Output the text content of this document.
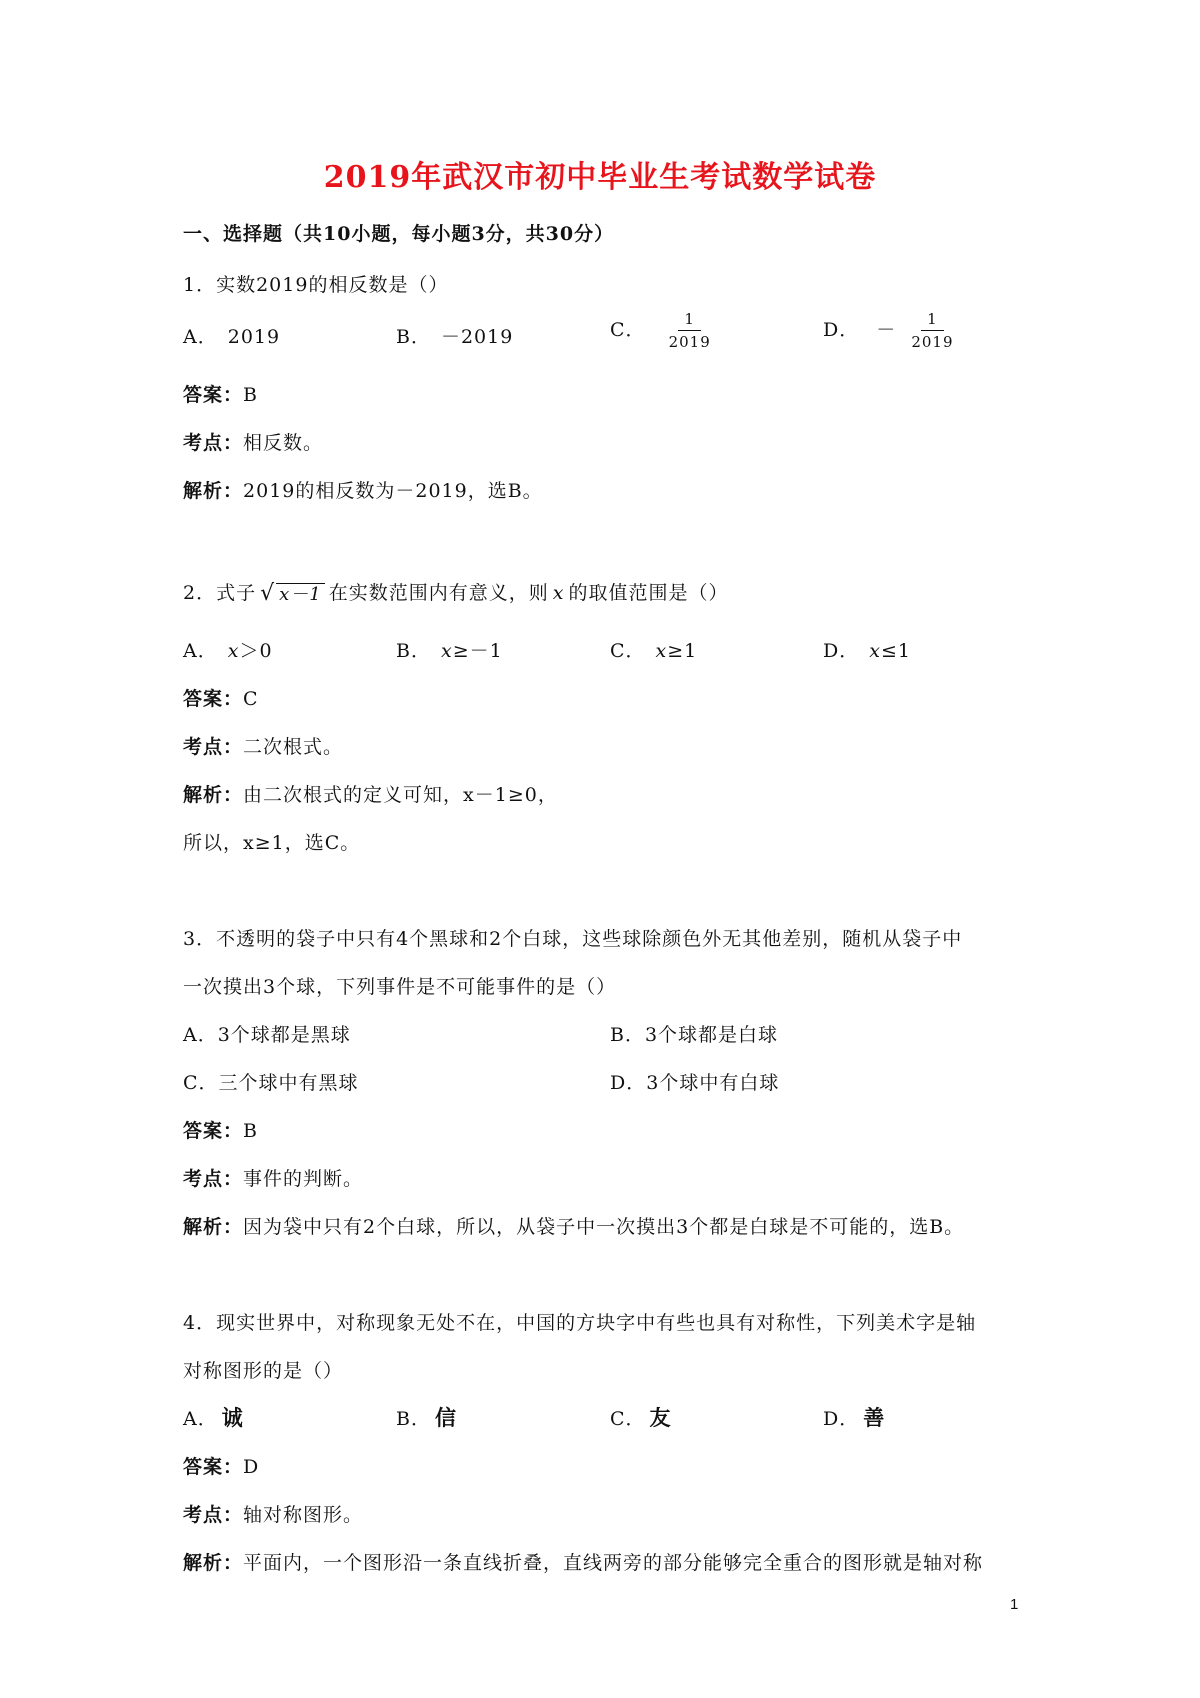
2019年武汉市初中毕业生考试数学试卷
一、选择题（共10小题，每小题3分，共30分）
1．实数2019的相反数是（）
A． 2019	B． －2019	C． $\frac{1}{2019}$	D． － $\frac{1}{2019}$
答案：B
考点：相反数。
解析：2019的相反数为－2019，选B。
2．式子 √ x－1 在实数范围内有意义，则 x 的取值范围是（）
A． x＞0	B． x≥－1	C． x≥1	D． x≤1
答案：C
考点：二次根式。
解析：由二次根式的定义可知，x－1≥0，
所以，x≥1，选C。
3．不透明的袋子中只有4个黑球和2个白球，这些球除颜色外无其他差别，随机从袋子中
一次摸出3个球，下列事件是不可能事件的是（）
A．3个球都是黑球	B．3个球都是白球
C．三个球中有黑球	D．3个球中有白球
答案：B
考点：事件的判断。
解析：因为袋中只有2个白球，所以，从袋子中一次摸出3个都是白球是不可能的，选B。
4．现实世界中，对称现象无处不在，中国的方块字中有些也具有对称性，下列美术字是轴
对称图形的是（）
A． 诚	B． 信	C． 友	D． 善
答案：D
考点：轴对称图形。
解析：平面内，一个图形沿一条直线折叠，直线两旁的部分能够完全重合的图形就是轴对称
1
